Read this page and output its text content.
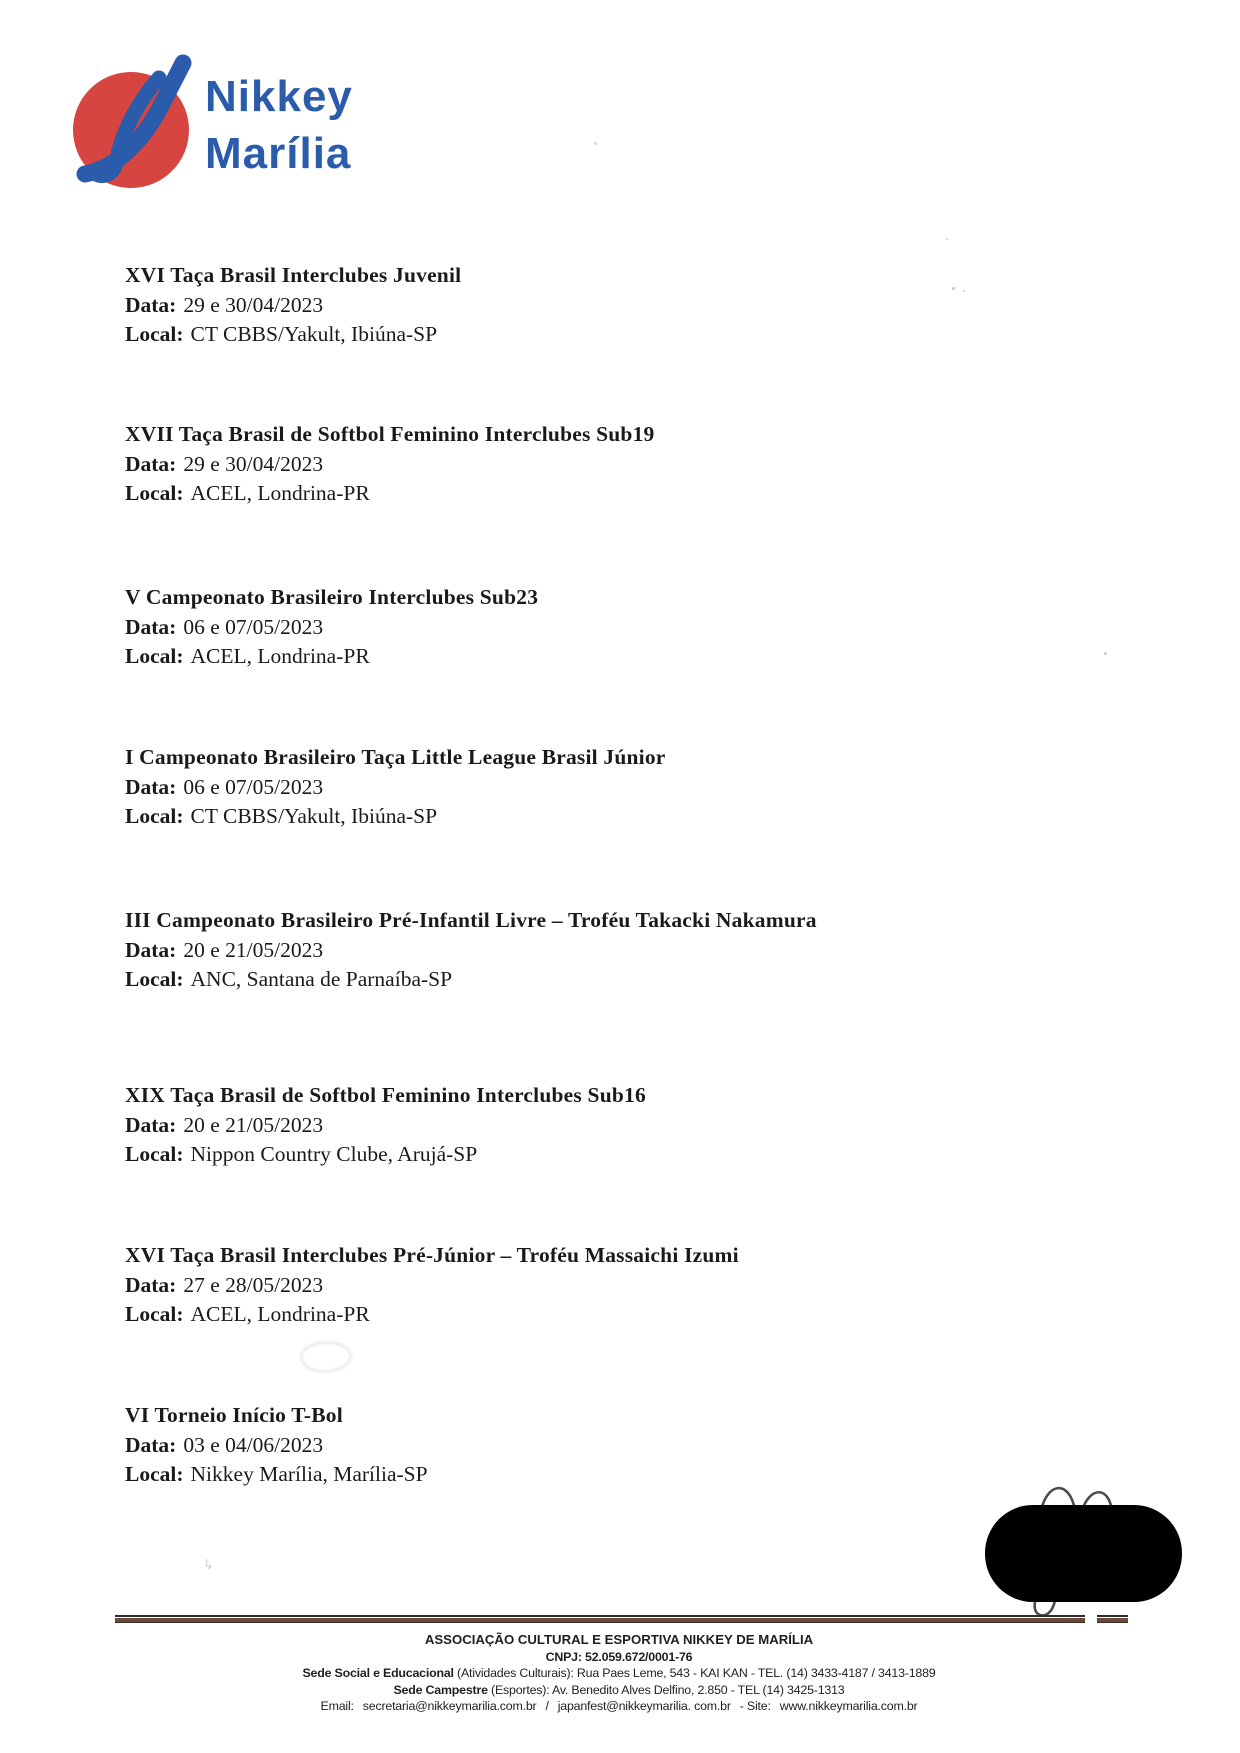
Nikkey
Marília
XVI Taça Brasil Interclubes Juvenil
Data: 29 e 30/04/2023
Local: CT CBBS/Yakult, Ibiúna-SP
XVII Taça Brasil de Softbol Feminino Interclubes Sub19
Data: 29 e 30/04/2023
Local: ACEL, Londrina-PR
V Campeonato Brasileiro Interclubes Sub23
Data: 06 e 07/05/2023
Local: ACEL, Londrina-PR
I Campeonato Brasileiro Taça Little League Brasil Júnior
Data: 06 e 07/05/2023
Local: CT CBBS/Yakult, Ibiúna-SP
III Campeonato Brasileiro Pré-Infantil Livre – Troféu Takacki Nakamura
Data: 20 e 21/05/2023
Local: ANC, Santana de Parnaíba-SP
XIX Taça Brasil de Softbol Feminino Interclubes Sub16
Data: 20 e 21/05/2023
Local: Nippon Country Clube, Arujá-SP
XVI Taça Brasil Interclubes Pré-Júnior – Troféu Massaichi Izumi
Data: 27 e 28/05/2023
Local: ACEL, Londrina-PR
VI Torneio Início T-Bol
Data: 03 e 04/06/2023
Local: Nikkey Marília, Marília-SP
ASSOCIAÇÃO CULTURAL E ESPORTIVA NIKKEY DE MARÍLIA
CNPJ: 52.059.672/0001-76
Sede Social e Educacional (Atividades Culturais): Rua Paes Leme, 543 - KAI KAN - TEL. (14) 3433-4187 / 3413-1889
Sede Campestre (Esportes): Av. Benedito Alves Delfino, 2.850 - TEL (14) 3425-1313
Email: secretaria@nikkeymarilia.com.br / japanfest@nikkeymarilia. com.br - Site: www.nikkeymarilia.com.br
↳
